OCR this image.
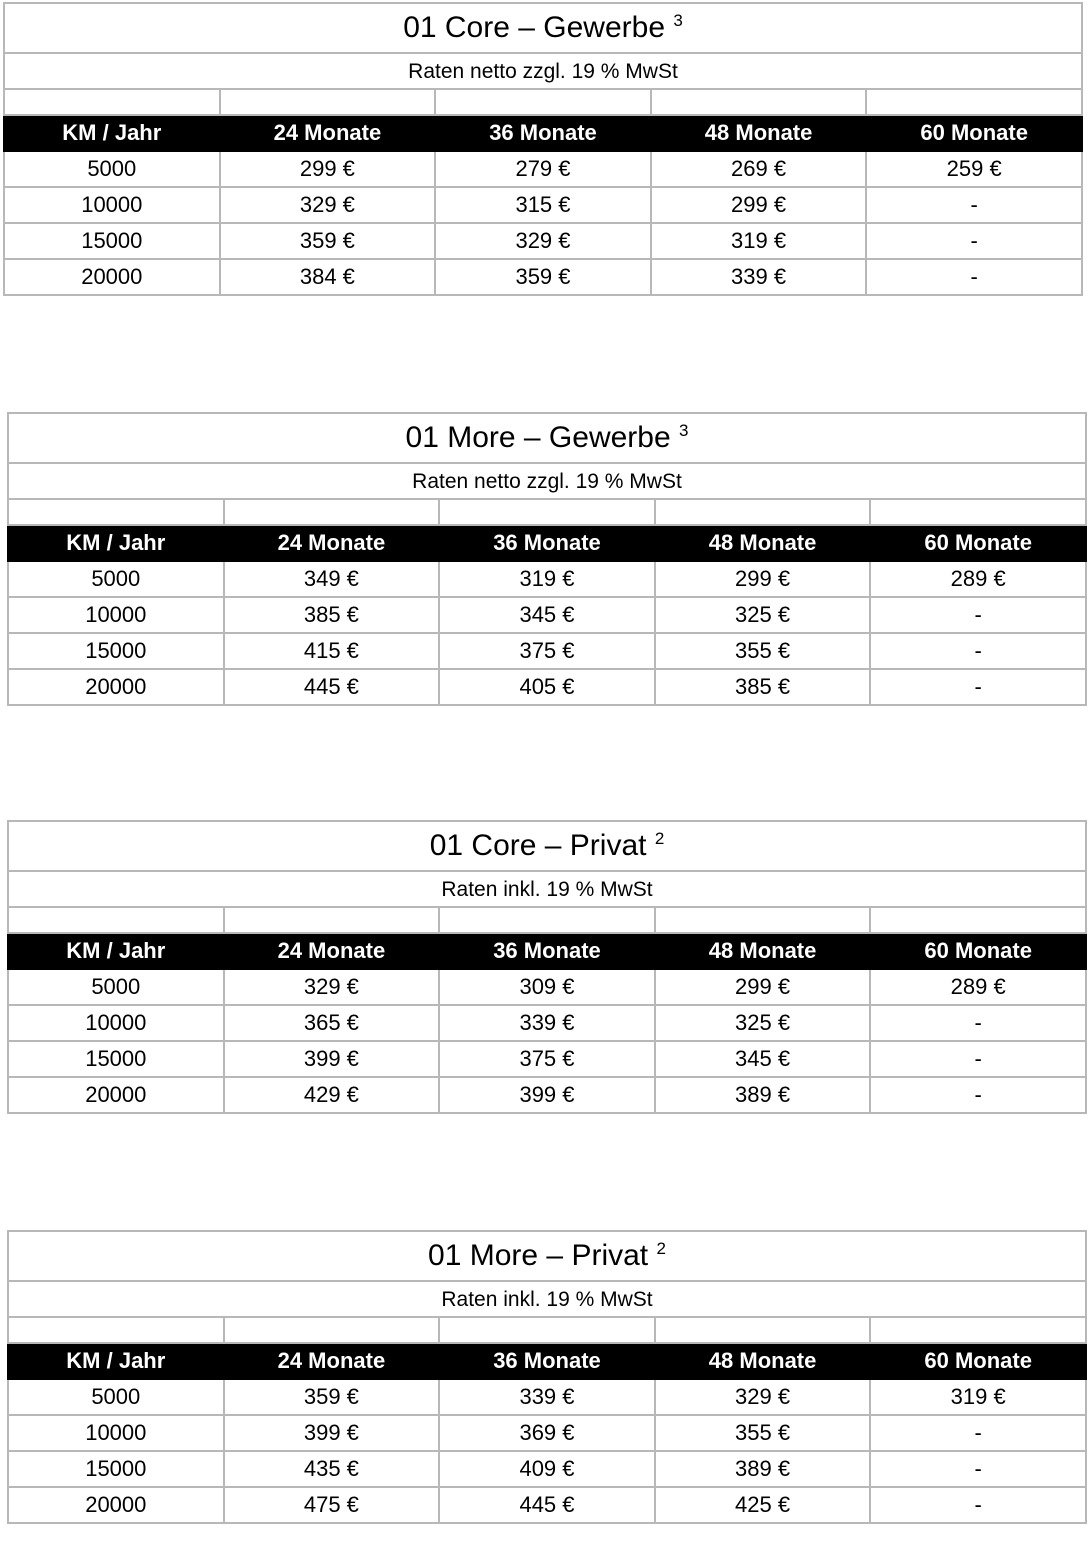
01 Core – Gewerbe $^3$
Raten netto zzgl. 19 % MwSt				

KM / Jahr	24 Monate	36 Monate	48 Monate	60 Monate
5000	299 €	279 €	269 €	259 €
10000	329 €	315 €	299 €	-
15000	359 €	329 €	319 €	-
20000	384 €	359 €	339 €	-
01 More – Gewerbe $^3$
Raten netto zzgl. 19 % MwSt				

KM / Jahr	24 Monate	36 Monate	48 Monate	60 Monate
5000	349 €	319 €	299 €	289 €
10000	385 €	345 €	325 €	-
15000	415 €	375 €	355 €	-
20000	445 €	405 €	385 €	-
01 Core – Privat $^2$
Raten inkl. 19 % MwSt				

KM / Jahr	24 Monate	36 Monate	48 Monate	60 Monate
5000	329 €	309 €	299 €	289 €
10000	365 €	339 €	325 €	-
15000	399 €	375 €	345 €	-
20000	429 €	399 €	389 €	-
01 More – Privat $^2$
Raten inkl. 19 % MwSt				

KM / Jahr	24 Monate	36 Monate	48 Monate	60 Monate
5000	359 €	339 €	329 €	319 €
10000	399 €	369 €	355 €	-
15000	435 €	409 €	389 €	-
20000	475 €	445 €	425 €	-
